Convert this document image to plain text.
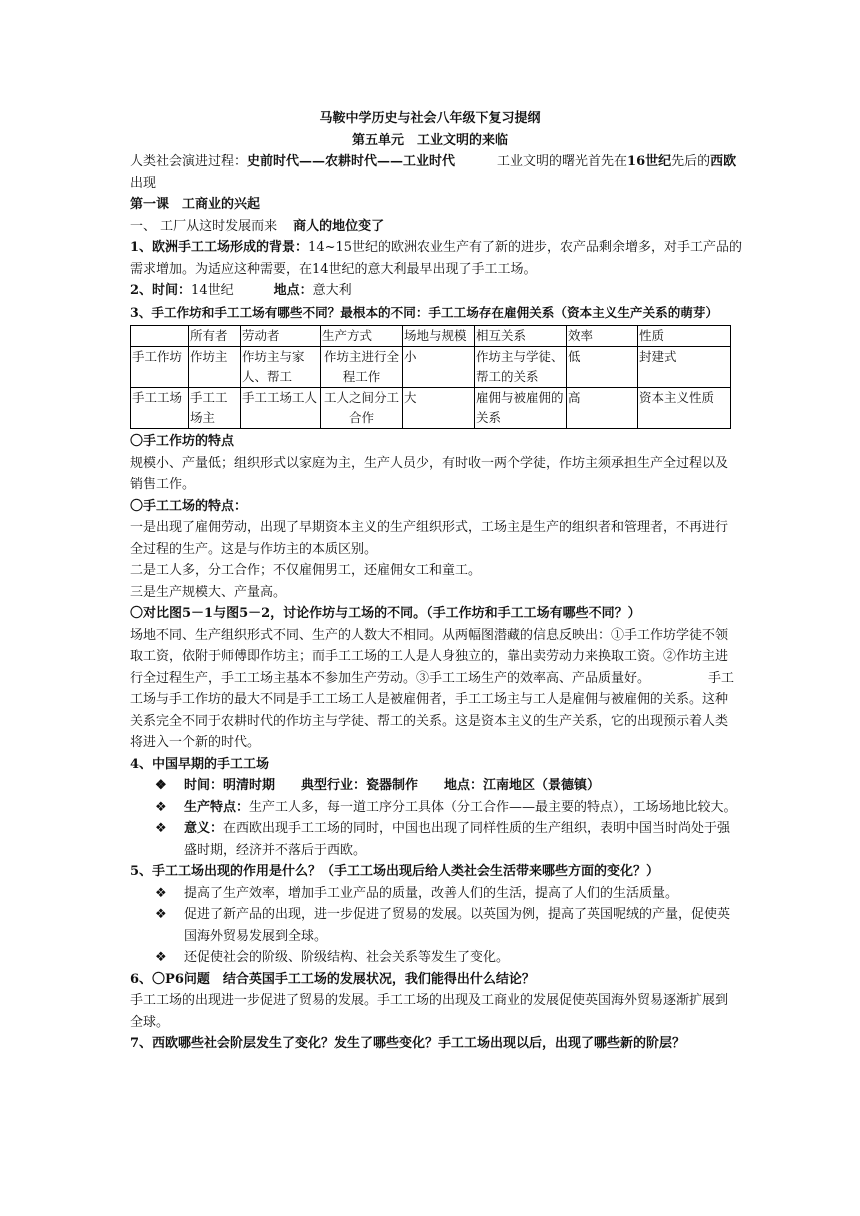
马鞍中学历史与社会八年级下复习提纲
第五单元　工业文明的来临
人类社会演进过程：史前时代——农耕时代——工业时代	工业文明的曙光首先在16世纪先后的西欧
出现
第一课　工商业的兴起
一、 工厂从这时发展而来 商人的地位变了
1、欧洲手工工场形成的背景：14~15世纪的欧洲农业生产有了新的进步，农产品剩余增多，对手工产品的
需求增加。为适应这种需要，在14世纪的意大利最早出现了手工工场。
2、时间：14世纪	地点：意大利
3、手工作坊和手工工场有哪些不同？最根本的不同：手工工场存在雇佣关系（资本主义生产关系的萌芽）
	所有者	劳动者	生产方式	场地与规模	相互关系	效率	性质
手工作坊	作坊主	作坊主与家人、帮工	作坊主进行全程工作	小	作坊主与学徒、帮工的关系	低	封建式
手工工场	手工工场主	手工工场工人	工人之间分工合作	大	雇佣与被雇佣的关系	高	资本主义性质
〇手工作坊的特点
规模小、产量低；组织形式以家庭为主，生产人员少，有时收一两个学徒，作坊主须承担生产全过程以及
销售工作。
〇手工工场的特点：
一是出现了雇佣劳动，出现了早期资本主义的生产组织形式，工场主是生产的组织者和管理者，不再进行
全过程的生产。这是与作坊主的本质区别。
二是工人多，分工合作；不仅雇佣男工，还雇佣女工和童工。
三是生产规模大、产量高。
〇对比图5－1与图5－2，讨论作坊与工场的不同。（手工作坊和手工工场有哪些不同？）
场地不同、生产组织形式不同、生产的人数大不相同。从两幅图潜藏的信息反映出：①手工作坊学徒不领
取工资，依附于师傅即作坊主；而手工工场的工人是人身独立的，靠出卖劳动力来换取工资。②作坊主进
行全过程生产，手工工场主基本不参加生产劳动。③手工工场生产的效率高、产品质量好。	手工
工场与手工作坊的最大不同是手工工场工人是被雇佣者，手工工场主与工人是雇佣与被雇佣的关系。这种
关系完全不同于农耕时代的作坊主与学徒、帮工的关系。这是资本主义的生产关系，它的出现预示着人类
将进入一个新的时代。
4、中国早期的手工工场
❖ 时间：明清时期　　典型行业：瓷器制作　　地点：江南地区（景德镇）
❖ 生产特点：生产工人多，每一道工序分工具体（分工合作——最主要的特点），工场场地比较大。
❖ 意义：在西欧出现手工工场的同时，中国也出现了同样性质的生产组织，表明中国当时尚处于强
盛时期，经济并不落后于西欧。
5、手工工场出现的作用是什么？（手工工场出现后给人类社会生活带来哪些方面的变化？）
❖ 提高了生产效率，增加手工业产品的质量，改善人们的生活，提高了人们的生活质量。
❖ 促进了新产品的出现，进一步促进了贸易的发展。以英国为例，提高了英国呢绒的产量，促使英
国海外贸易发展到全球。
❖ 还促使社会的阶级、阶级结构、社会关系等发生了变化。
6、〇P6问题　结合英国手工工场的发展状况，我们能得出什么结论？
手工工场的出现进一步促进了贸易的发展。手工工场的出现及工商业的发展促使英国海外贸易逐渐扩展到
全球。
7、西欧哪些社会阶层发生了变化？发生了哪些变化？手工工场出现以后，出现了哪些新的阶层？
